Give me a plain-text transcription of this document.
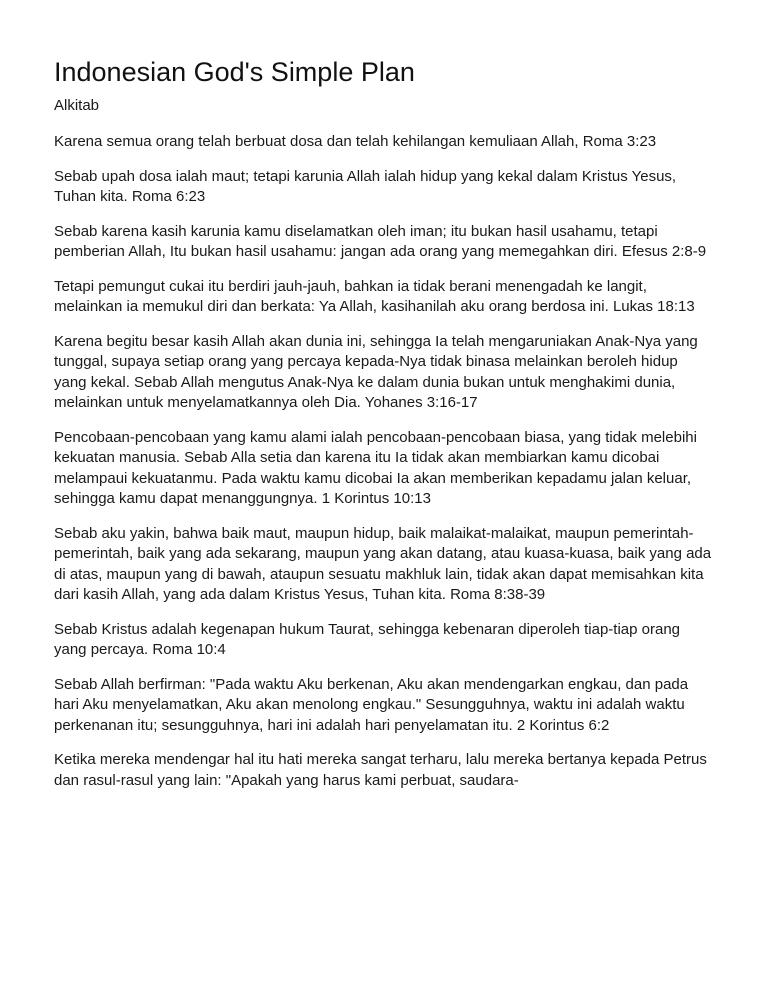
Indonesian God's Simple Plan

Alkitab

Karena semua orang telah berbuat dosa dan telah kehilangan kemuliaan Allah, Roma 3:23

Sebab upah dosa ialah maut; tetapi karunia Allah ialah hidup yang kekal dalam Kristus Yesus, Tuhan kita. Roma 6:23

Sebab karena kasih karunia kamu diselamatkan oleh iman; itu bukan hasil usahamu, tetapi pemberian Allah, Itu bukan hasil usahamu: jangan ada orang yang memegahkan diri. Efesus 2:8-9

Tetapi pemungut cukai itu berdiri jauh-jauh, bahkan ia tidak berani menengadah ke langit, melainkan ia memukul diri dan berkata: Ya Allah, kasihanilah aku orang berdosa ini. Lukas 18:13

Karena begitu besar kasih Allah akan dunia ini, sehingga Ia telah mengaruniakan Anak-Nya yang tunggal, supaya setiap orang yang percaya kepada-Nya tidak binasa melainkan beroleh hidup yang kekal. Sebab Allah mengutus Anak-Nya ke dalam dunia bukan untuk menghakimi dunia, melainkan untuk menyelamatkannya oleh Dia. Yohanes 3:16-17

Pencobaan-pencobaan yang kamu alami ialah pencobaan-pencobaan biasa, yang tidak melebihi kekuatan manusia. Sebab Alla setia dan karena itu Ia tidak akan membiarkan kamu dicobai melampaui kekuatanmu. Pada waktu kamu dicobai Ia akan memberikan kepadamu jalan keluar, sehingga kamu dapat menanggungnya. 1 Korintus 10:13

Sebab aku yakin, bahwa baik maut, maupun hidup, baik malaikat-malaikat, maupun pemerintah-pemerintah, baik yang ada sekarang, maupun yang akan datang, atau kuasa-kuasa, baik yang ada di atas, maupun yang di bawah, ataupun sesuatu makhluk lain, tidak akan dapat memisahkan kita dari kasih Allah, yang ada dalam Kristus Yesus, Tuhan kita. Roma 8:38-39

Sebab Kristus adalah kegenapan hukum Taurat, sehingga kebenaran diperoleh tiap-tiap orang yang percaya. Roma 10:4

Sebab Allah berfirman: "Pada waktu Aku berkenan, Aku akan mendengarkan engkau, dan pada hari Aku menyelamatkan, Aku akan menolong engkau." Sesungguhnya, waktu ini adalah waktu perkenanan itu; sesungguhnya, hari ini adalah hari penyelamatan itu. 2 Korintus 6:2

Ketika mereka mendengar hal itu hati mereka sangat terharu, lalu mereka bertanya kepada Petrus dan rasul-rasul yang lain: "Apakah yang harus kami perbuat, saudara-
